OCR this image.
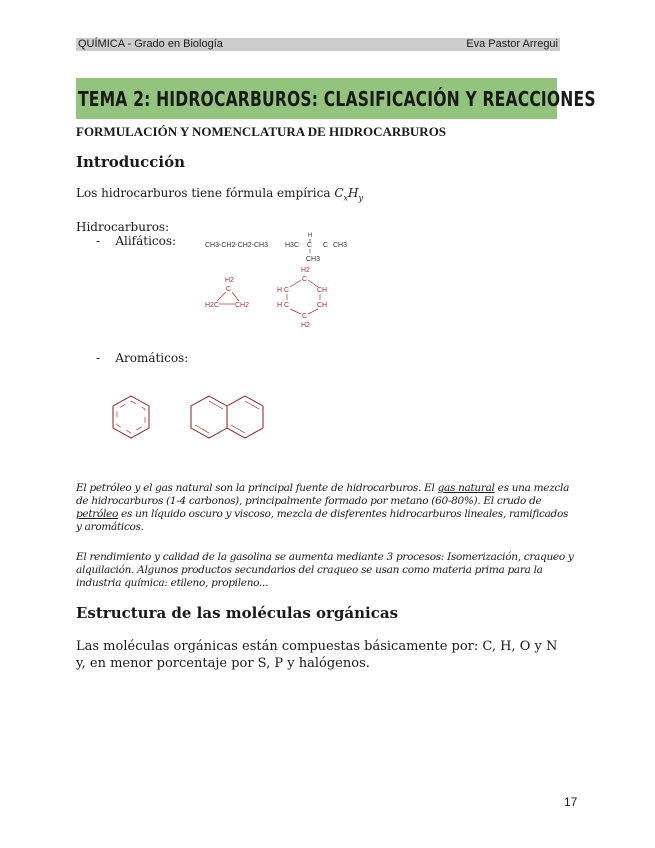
QUÍMICA - Grado en Biología	Eva Pastor Arregui
TEMA 2: HIDROCARBUROS: CLASIFICACIÓN Y REACCIONES
FORMULACIÓN Y NOMENCLATURA DE HIDROCARBUROS
Introducción
Los hidrocarburos tiene fórmula empírica $C_xH_y$
Hidrocarburos:
-    Alifáticos:	CH3-CH2-CH2-CH3 H3C C C CH3
H
CH3
H2
C
H2C CH2
H2
C
H C	CH
H C	CH
C
H2
-    Aromáticos:
El petróleo y el gas natural son la principal fuente de hidrocarburos. El gas natural es una mezcla de hidrocarburos (1-4 carbonos), principalmente formado por metano (60-80%). El crudo de petróleo es un líquido oscuro y viscoso, mezcla de disferentes hidrocarburos lineales, ramificados y aromáticos.
El rendimiento y calidad de la gasolina se aumenta mediante 3 procesos: Isomerización, craqueo y alquilación. Algunos productos secundarios del craqueo se usan como materia prima para la industria química: etileno, propileno...
Estructura de las moléculas orgánicas
Las moléculas orgánicas están compuestas básicamente por: C, H, O y N y, en menor porcentaje por S, P y halógenos.
17
